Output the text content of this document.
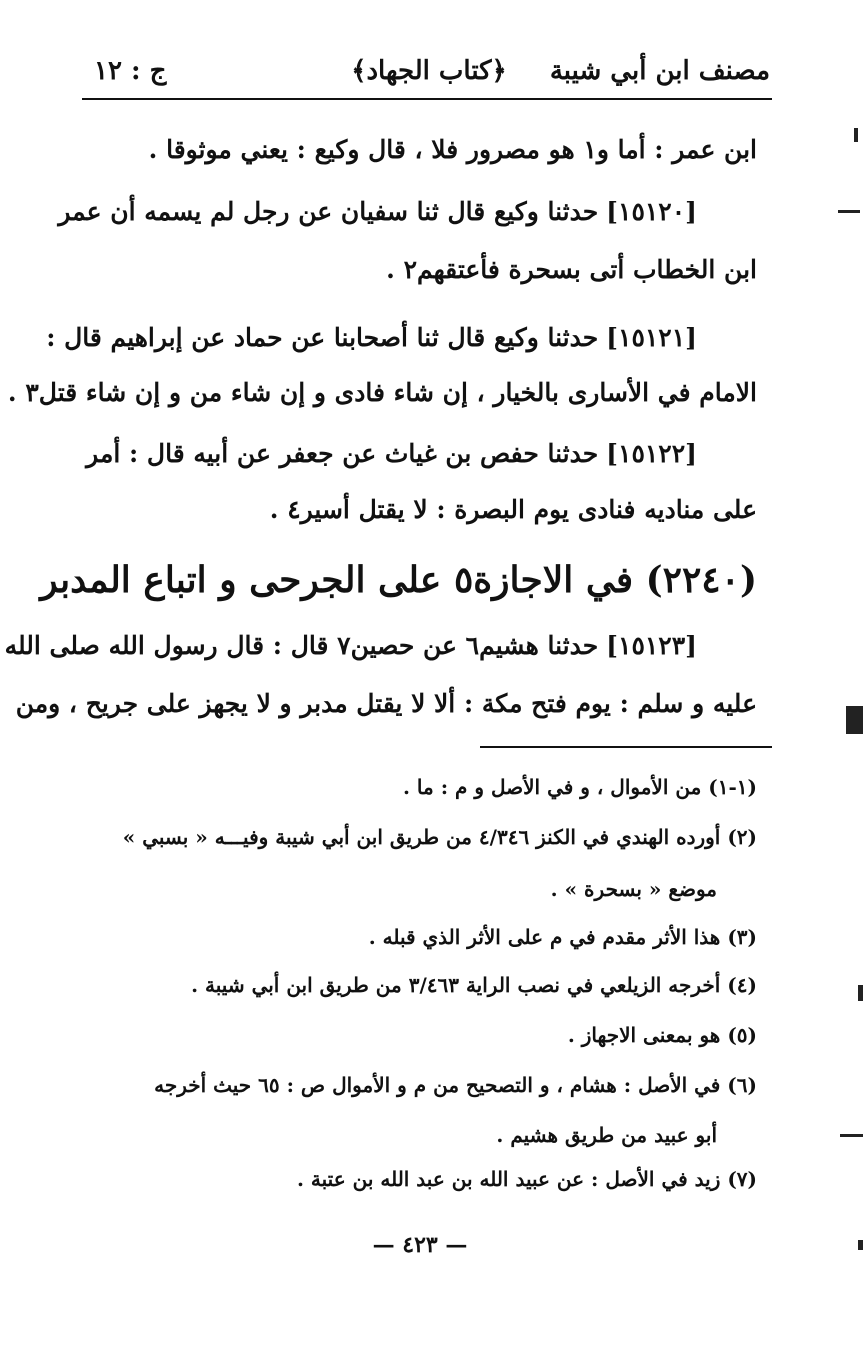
مصنف ابن أبي شيبة
﴿كتاب الجهاد﴾
ج : ١٢
ابن عمر : أما و١ هو مصرور فلا ، قال وكيع : يعني موثوقا .
[١٥١٢٠]حدثنا وكيع قال ثنا سفيان عن رجل لم يسمه أن عمر
ابن الخطاب أتى بسحرة فأعتقهم٢ .
[١٥١٢١]حدثنا وكيع قال ثنا أصحابنا عن حماد عن إبراهيم قال :
الامام في الأسارى بالخيار ، إن شاء فادى و إن شاء من و إن شاء قتل٣ .
[١٥١٢٢]حدثنا حفص بن غياث عن جعفر عن أبيه قال : أمر
على مناديه فنادى يوم البصرة : لا يقتل أسير٤ .
(٢٢٤٠) في الاجازة٥ على الجرحى و اتباع المدبر
[١٥١٢٣]حدثنا هشيم٦ عن حصين٧ قال : قال رسول الله صلى الله
عليه و سلم : يوم فتح مكة : ألا لا يقتل مدبر و لا يجهز على جريح ، ومن
(١-١) من الأموال ، و في الأصل و م : ما .
(٢) أورده الهندي في الكنز ٤/٣٤٦ من طريق ابن أبي شيبة وفيـــه « بسبي »
موضع « بسحرة » .
(٣) هذا الأثر مقدم في م على الأثر الذي قبله .
(٤) أخرجه الزيلعي في نصب الراية ٣/٤٦٣ من طريق ابن أبي شيبة .
(٥) هو بمعنى الاجهاز .
(٦) في الأصل : هشام ، و التصحيح من م و الأموال ص : ٦٥ حيث أخرجه
أبو عبيد من طريق هشيم .
(٧) زيد في الأصل : عن عبيد الله بن عبد الله بن عتبة .
— ٤٢٣ —
